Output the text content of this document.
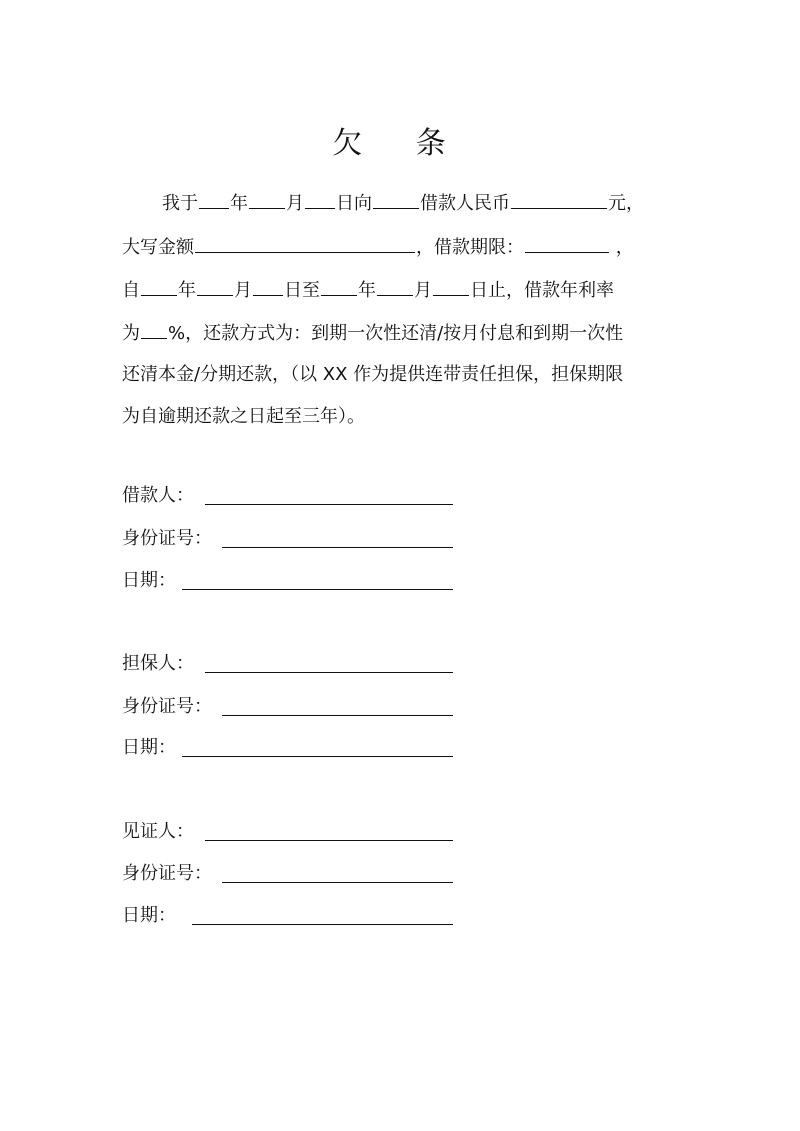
欠 条
我于 年 月 日向	借款人民币	元，
大写金额	，借款期限：	，
自 年 月 日至 年 月 日止，借款年利率
为 %，还款方式为：到期一次性还清/按月付息和到期一次性
还清本金/分期还款，（以 XX 作为提供连带责任担保，担保期限
为自逾期还款之日起至三年）。
借款人：
身份证号：
日期：
担保人：
身份证号：
日期：
见证人：
身份证号：
日期：
